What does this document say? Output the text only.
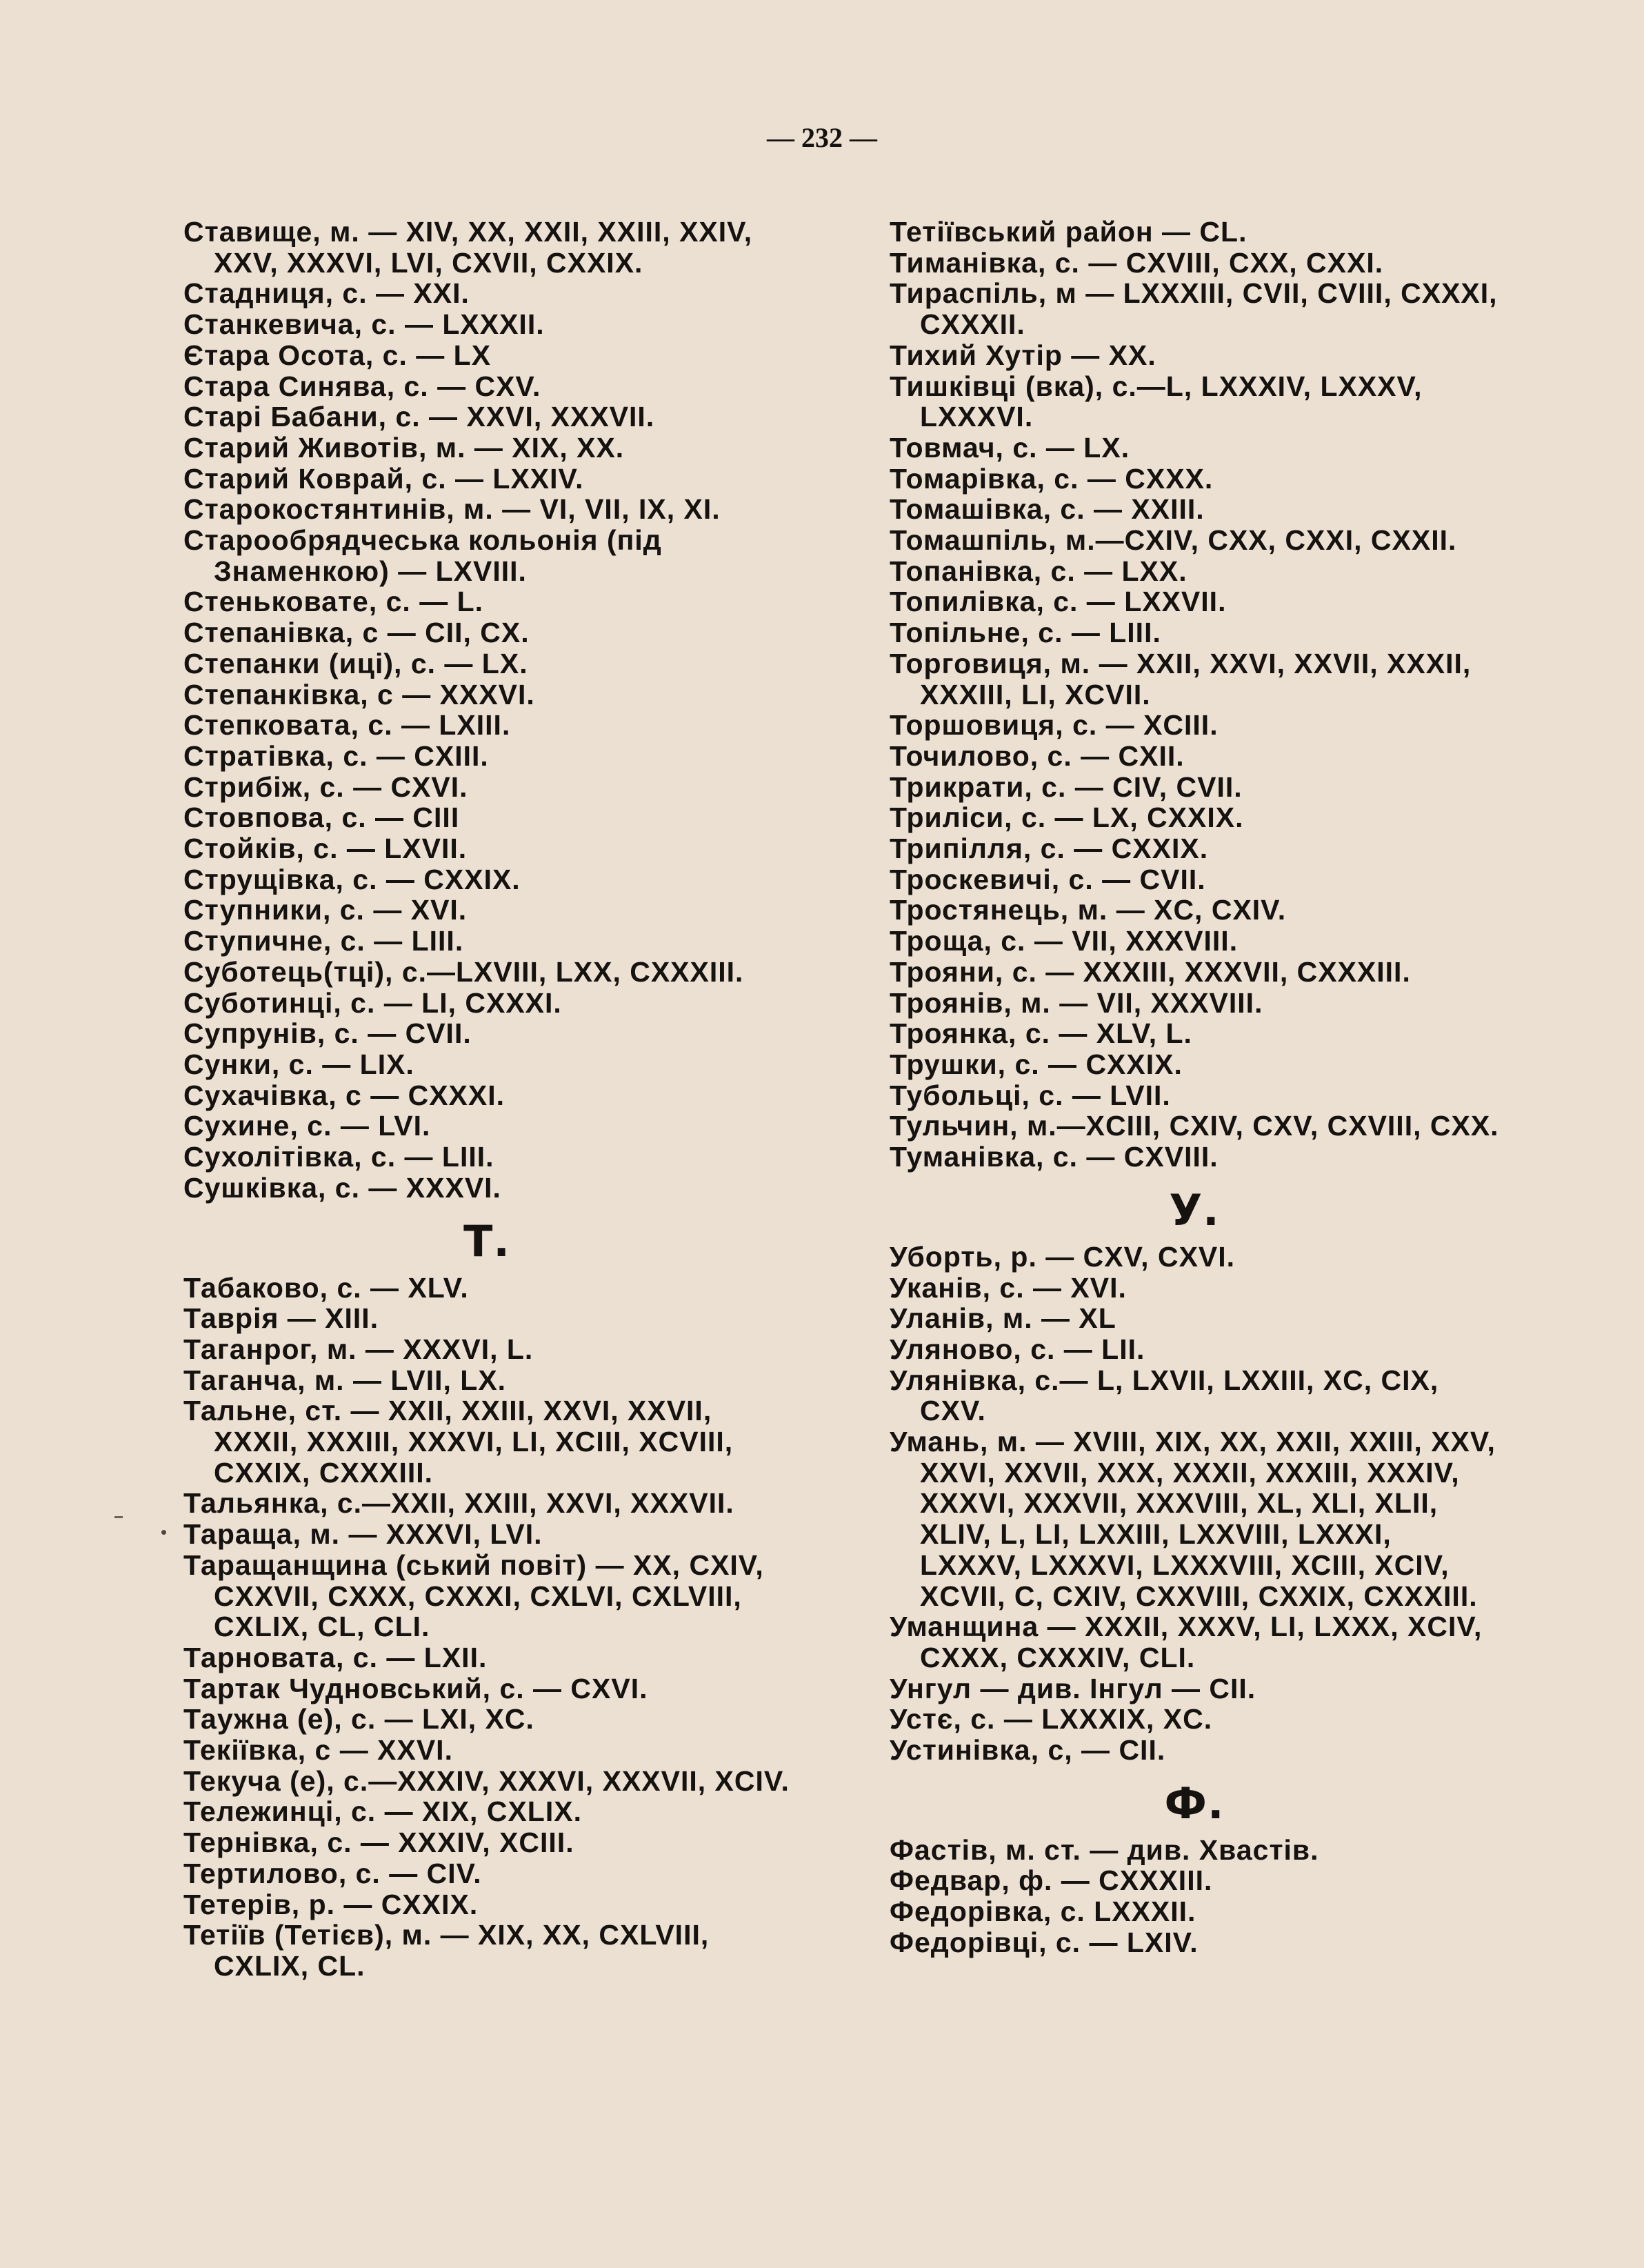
— 232 —
Ставище, м. — XIV, XX, XXII, XXIII, XXIV, XXV, XXXVI, LVI, CXVII, CXXIX.
Стадниця, с. — XXI.
Станкевича, с. — LXXXII.
Єтара Осота, с. — LX
Стара Синява, с. — CXV.
Старі Бабани, с. — XXVI, XXXVII.
Старий Животів, м. — XIX, XX.
Старий Коврай, с. — LXXIV.
Старокостянтинів, м. — VI, VII, IX, XI.
Старообрядчеська кольонія (під Знаменкою) — LXVIII.
Стеньковате, с. — L.
Степанівка, с — CII, CX.
Степанки (иці), с. — LX.
Степанківка, с — XXXVI.
Степковата, с. — LXIII.
Стратівка, с. — CXIII.
Стрибіж, с. — CXVI.
Стовпова, с. — CIII
Стойків, с. — LXVII.
Струщівка, с. — CXXIX.
Ступники, с. — XVI.
Ступичне, с. — LIII.
Суботець(тці), с.—LXVIII, LXX, CXXXIII.
Суботинці, с. — LI, CXXXI.
Супрунів, с. — CVII.
Сунки, с. — LIX.
Сухачівка, с — CXXXI.
Сухине, с. — LVI.
Сухолітівка, с. — LIII.
Сушківка, с. — XXXVI.
Т.
Табаково, с. — XLV.
Таврія — XIII.
Таганрог, м. — XXXVI, L.
Таганча, м. — LVII, LX.
Тальне, ст. — XXII, XXIII, XXVI, XXVII, XXXII, XXXIII, XXXVI, LI, XCIII, XCVIII, CXXIX, CXXXIII.
Тальянка, с.—XXII, XXIII, XXVI, XXXVII.
Тараща, м. — XXXVI, LVI.
Таращанщина (ський повіт) — XX, CXIV, CXXVII, CXXX, CXXXI, CXLVI, CXLVIII, CXLIX, CL, CLI.
Тарновата, с. — LXII.
Тартак Чудновський, с. — CXVI.
Таужна (е), с. — LXI, XC.
Текіївка, с — XXVI.
Текуча (е), с.—XXXIV, XXXVI, XXXVII, XCIV.
Тележинці, с. — XIX, CXLIX.
Тернівка, с. — XXXIV, XCIII.
Тертилово, с. — CIV.
Тетерів, р. — CXXIX.
Тетіїв (Тетієв), м. — XIX, XX, CXLVIII, CXLIX, CL.
Тетіївський район — CL.
Тиманівка, с. — CXVIII, CXX, CXXI.
Тираспіль, м — LXXXIII, CVII, CVIII, CXXXI, CXXXII.
Тихий Хутір — XX.
Тишківці (вка), с.—L, LXXXIV, LXXXV, LXXXVI.
Товмач, с. — LX.
Томарівка, с. — CXXX.
Томашівка, с. — XXIII.
Томашпіль, м.—CXIV, CXX, CXXI, CXXII.
Топанівка, с. — LXX.
Топилівка, с. — LXXVII.
Топільне, с. — LIII.
Торговиця, м. — XXII, XXVI, XXVII, XXXII, XXXIII, LI, XCVII.
Торшовиця, с. — XCIII.
Точилово, с. — CXII.
Трикрати, с. — CIV, CVII.
Триліси, с. — LX, CXXIX.
Трипілля, с. — CXXIX.
Троскевичі, с. — CVII.
Тростянець, м. — XC, CXIV.
Троща, с. — VII, XXXVIII.
Трояни, с. — XXXIII, XXXVII, CXXXIII.
Троянів, м. — VII, XXXVIII.
Троянка, с. — XLV, L.
Трушки, с. — CXXIX.
Тубольці, с. — LVII.
Тульчин, м.—XCIII, CXIV, CXV, CXVIII, CXX.
Туманівка, с. — CXVIII.
У.
Уборть, р. — CXV, CXVI.
Уканів, с. — XVI.
Уланів, м. — XL
Уляново, с. — LII.
Улянівка, с.— L, LXVII, LXXIII, XC, CIX, CXV.
Умань, м. — XVIII, XIX, XX, XXII, XXIII, XXV, XXVI, XXVII, XXX, XXXII, XXXIII, XXXIV, XXXVI, XXXVII, XXXVIII, XL, XLI, XLII, XLIV, L, LI, LXXIII, LXXVIII, LXXXI, LXXXV, LXXXVI, LXXXVIII, XCIII, XCIV, XCVII, C, CXIV, CXXVIII, CXXIX, CXXXIII.
Уманщина — XXXII, XXXV, LI, LXXX, XCIV, CXXX, CXXXIV, CLI.
Унгул — див. Інгул — CII.
Устє, с. — LXXXIX, XC.
Устинівка, с, — CII.
Ф.
Фастів, м. ст. — див. Хвастів.
Федвар, ф. — CXXXIII.
Федорівка, с. LXXXII.
Федорівці, с. — LXIV.
